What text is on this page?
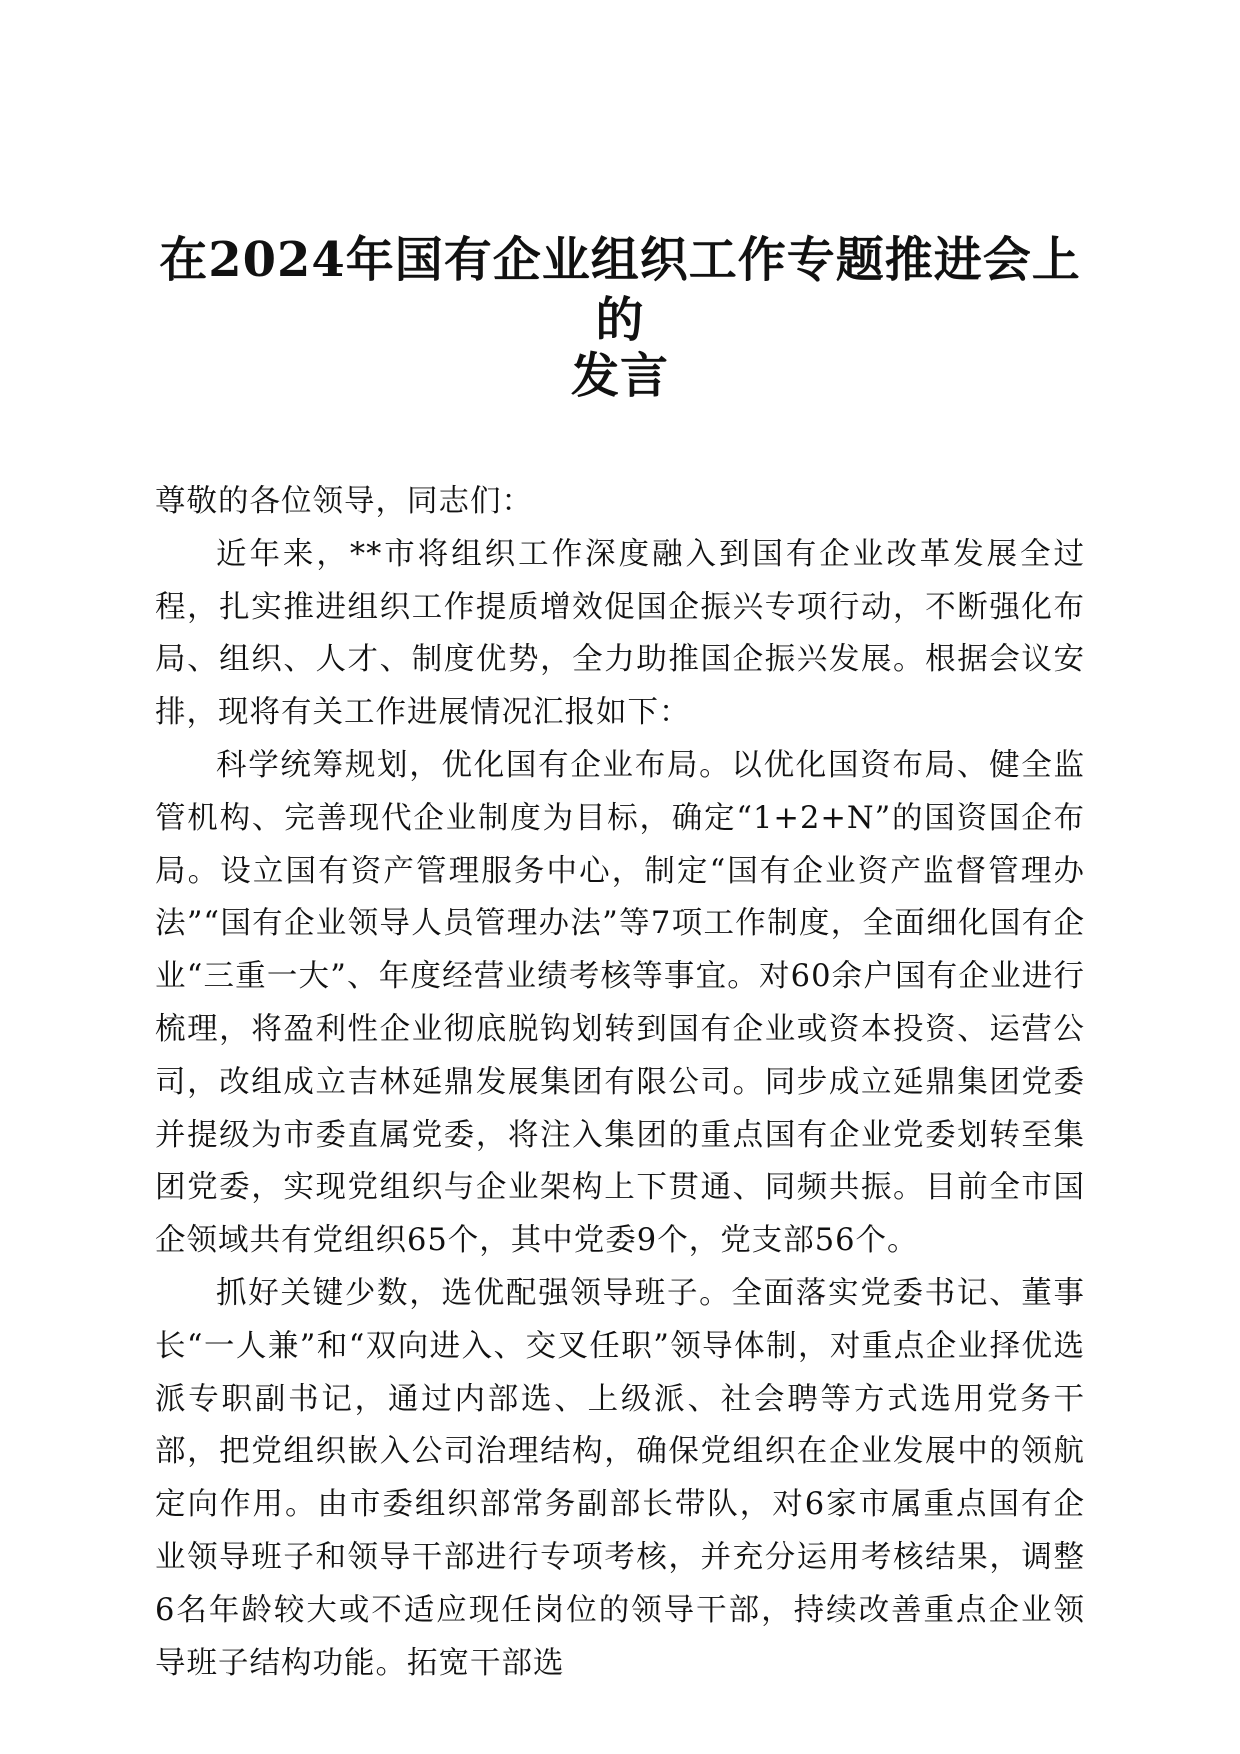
在2024年国有企业组织工作专题推进会上的
发言

尊敬的各位领导，同志们：

近年来，**市将组织工作深度融入到国有企业改革发展全过程，扎实推进组织工作提质增效促国企振兴专项行动，不断强化布局、组织、人才、制度优势，全力助推国企振兴发展。根据会议安排，现将有关工作进展情况汇报如下：

科学统筹规划，优化国有企业布局。以优化国资布局、健全监管机构、完善现代企业制度为目标，确定“1+2+N”的国资国企布局。设立国有资产管理服务中心，制定“国有企业资产监督管理办法”“国有企业领导人员管理办法”等7项工作制度，全面细化国有企业“三重一大”、年度经营业绩考核等事宜。对60余户国有企业进行梳理，将盈利性企业彻底脱钩划转到国有企业或资本投资、运营公司，改组成立吉林延鼎发展集团有限公司。同步成立延鼎集团党委并提级为市委直属党委，将注入集团的重点国有企业党委划转至集团党委，实现党组织与企业架构上下贯通、同频共振。目前全市国企领域共有党组织65个，其中党委9个，党支部56个。

抓好关键少数，选优配强领导班子。全面落实党委书记、董事长“一人兼”和“双向进入、交叉任职”领导体制，对重点企业择优选派专职副书记，通过内部选、上级派、社会聘等方式选用党务干部，把党组织嵌入公司治理结构，确保党组织在企业发展中的领航定向作用。由市委组织部常务副部长带队，对6家市属重点国有企业领导班子和领导干部进行专项考核，并充分运用考核结果，调整6名年龄较大或不适应现任岗位的领导干部，持续改善重点企业领导班子结构功能。拓宽干部选
